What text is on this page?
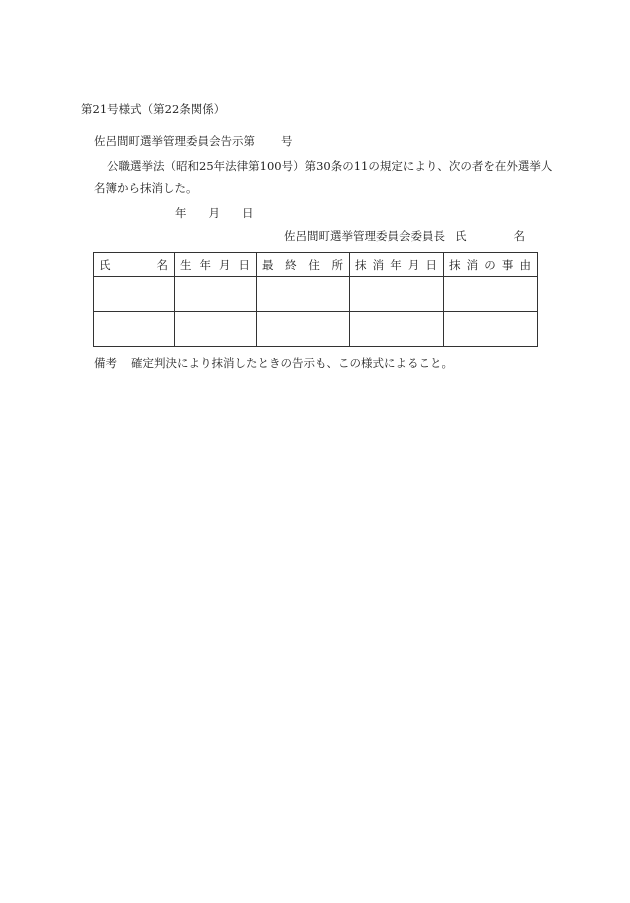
第21号様式（第22条関係）
佐呂間町選挙管理委員会告示第 号
公職選挙法（昭和25年法律第100号）第30条の11の規定により、次の者を在外選挙人
名簿から抹消した。
年 月 日
佐呂間町選挙管理委員会委員長 氏	名
氏 名	生 年 月 日	最 終 住 所	抹 消 年 月 日	抹 消 の 事 由

備考 確定判決により抹消したときの告示も、この様式によること。
